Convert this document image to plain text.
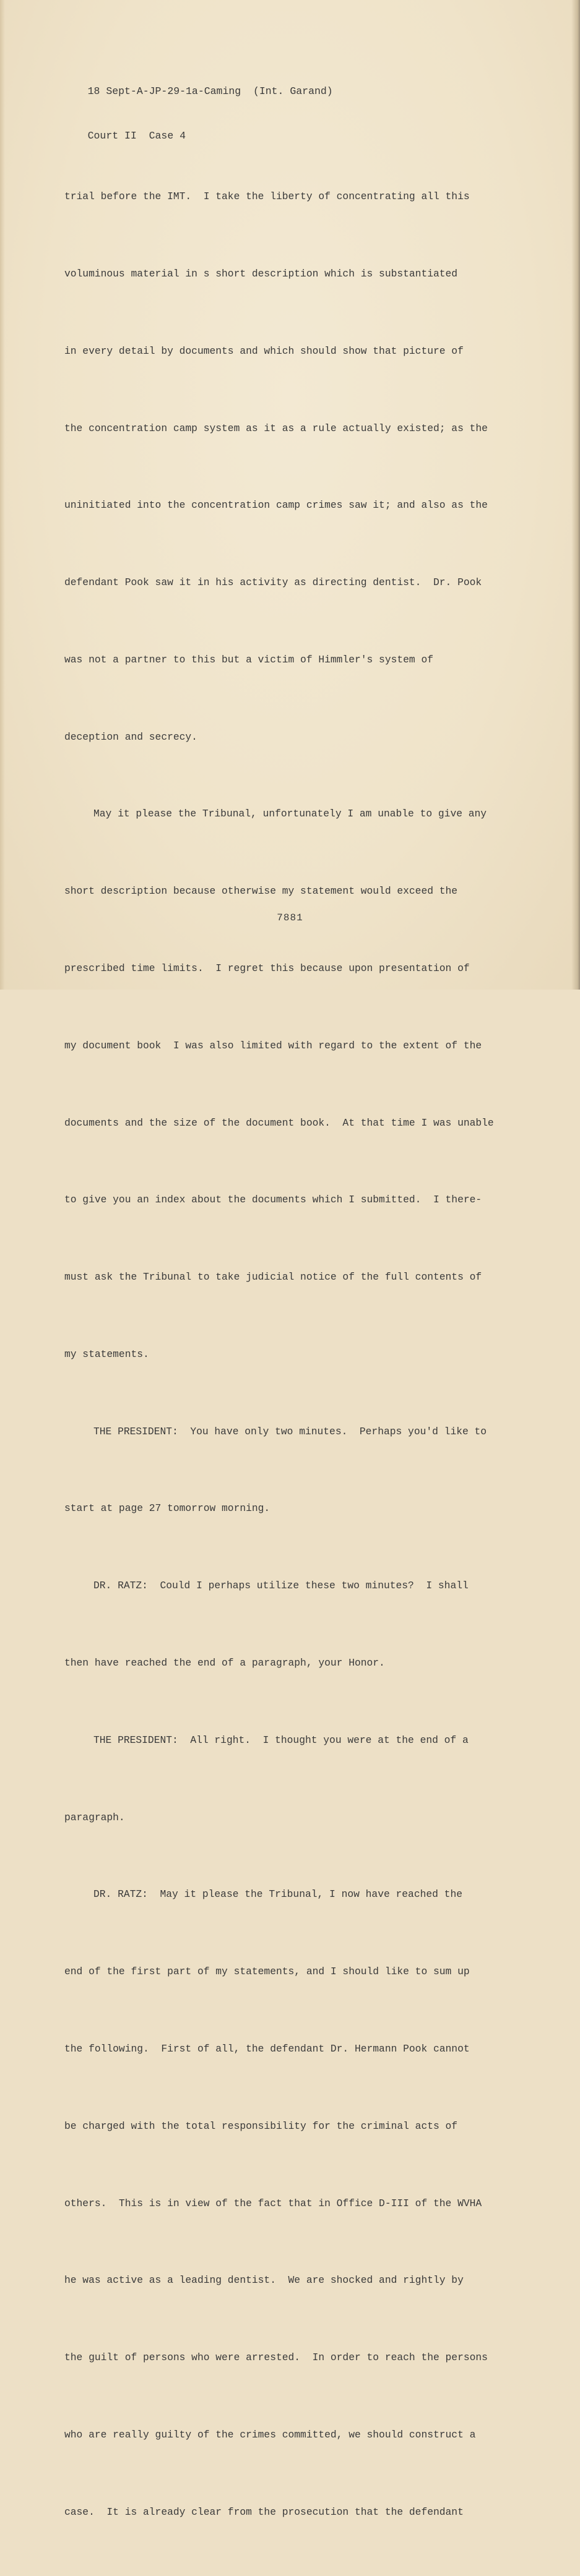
18 Sept-A-JP-29-1a-Caming  (Int. Garand)

Court II  Case 4

trial before the IMT.  I take the liberty of concentrating all this

voluminous material in s short description which is substantiated

in every detail by documents and which should show that picture of

the concentration camp system as it as a rule actually existed; as the

uninitiated into the concentration camp crimes saw it; and also as the

defendant Pook saw it in his activity as directing dentist.  Dr. Pook

was not a partner to this but a victim of Himmler's system of

deception and secrecy.

May it please the Tribunal, unfortunately I am unable to give any

short description because otherwise my statement would exceed the

prescribed time limits.  I regret this because upon presentation of

my document book  I was also limited with regard to the extent of the

documents and the size of the document book.  At that time I was unable

to give you an index about the documents which I submitted.  I there-

must ask the Tribunal to take judicial notice of the full contents of

my statements.

THE PRESIDENT:  You have only two minutes.  Perhaps you'd like to

start at page 27 tomorrow morning.

DR. RATZ:  Could I perhaps utilize these two minutes?  I shall

then have reached the end of a paragraph, your Honor.

THE PRESIDENT:  All right.  I thought you were at the end of a

paragraph.

DR. RATZ:  May it please the Tribunal, I now have reached the

end of the first part of my statements, and I should like to sum up

the following.  First of all, the defendant Dr. Hermann Pook cannot

be charged with the total responsibility for the criminal acts of

others.  This is in view of the fact that in Office D-III of the WVHA

he was active as a leading dentist.  We are shocked and rightly by

the guilt of persons who were arrested.  In order to reach the persons

who are really guilty of the crimes committed, we should construct a

case.  It is already clear from the prosecution that the defendant

7881
